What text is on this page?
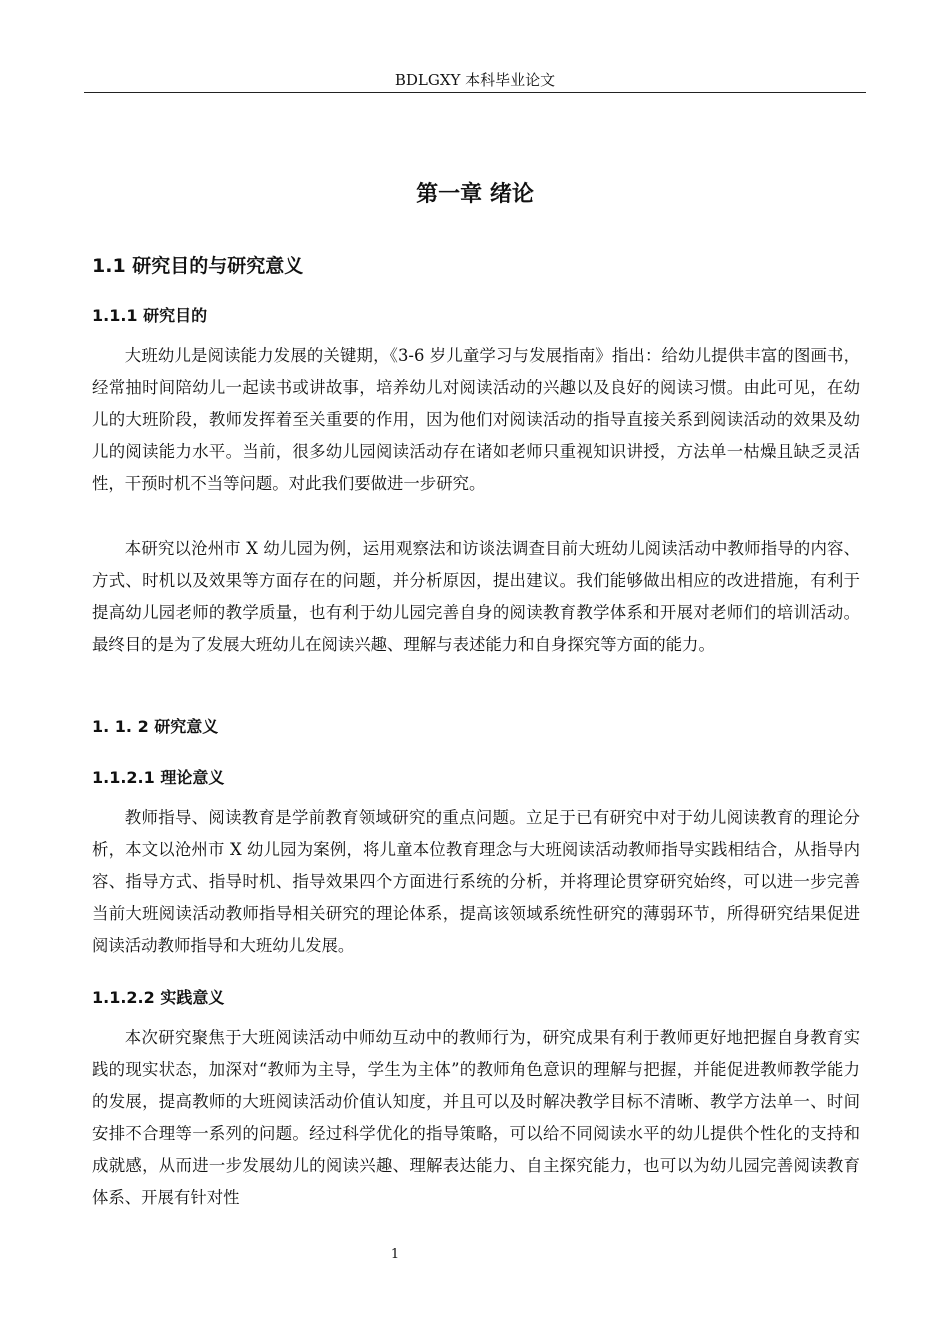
BDLGXY 本科毕业论文
第一章 绪论
1.1 研究目的与研究意义
1.1.1 研究目的

大班幼儿是阅读能力发展的关键期，《3-6 岁儿童学习与发展指南》指出：给幼儿提供丰富的图画书，经常抽时间陪幼儿一起读书或讲故事，培养幼儿对阅读活动的兴趣以及良好的阅读习惯。由此可见，在幼儿的大班阶段，教师发挥着至关重要的作用，因为他们对阅读活动的指导直接关系到阅读活动的效果及幼儿的阅读能力水平。当前，很多幼儿园阅读活动存在诸如老师只重视知识讲授，方法单一枯燥且缺乏灵活性，干预时机不当等问题。对此我们要做进一步研究。

本研究以沧州市 X 幼儿园为例，运用观察法和访谈法调查目前大班幼儿阅读活动中教师指导的内容、方式、时机以及效果等方面存在的问题，并分析原因，提出建议。我们能够做出相应的改进措施，有利于提高幼儿园老师的教学质量，也有利于幼儿园完善自身的阅读教育教学体系和开展对老师们的培训活动。最终目的是为了发展大班幼儿在阅读兴趣、理解与表述能力和自身探究等方面的能力。

1. 1. 2 研究意义
1.1.2.1 理论意义

教师指导、阅读教育是学前教育领域研究的重点问题。立足于已有研究中对于幼儿阅读教育的理论分析，本文以沧州市 X 幼儿园为案例，将儿童本位教育理念与大班阅读活动教师指导实践相结合，从指导内容、指导方式、指导时机、指导效果四个方面进行系统的分析，并将理论贯穿研究始终，可以进一步完善当前大班阅读活动教师指导相关研究的理论体系，提高该领域系统性研究的薄弱环节，所得研究结果促进阅读活动教师指导和大班幼儿发展。

1.1.2.2 实践意义

本次研究聚焦于大班阅读活动中师幼互动中的教师行为，研究成果有利于教师更好地把握自身教育实践的现实状态，加深对“教师为主导，学生为主体”的教师角色意识的理解与把握，并能促进教师教学能力的发展，提高教师的大班阅读活动价值认知度，并且可以及时解决教学目标不清晰、教学方法单一、时间安排不合理等一系列的问题。经过科学优化的指导策略，可以给不同阅读水平的幼儿提供个性化的支持和成就感，从而进一步发展幼儿的阅读兴趣、理解表达能力、自主探究能力，也可以为幼儿园完善阅读教育体系、开展有针对性

1
